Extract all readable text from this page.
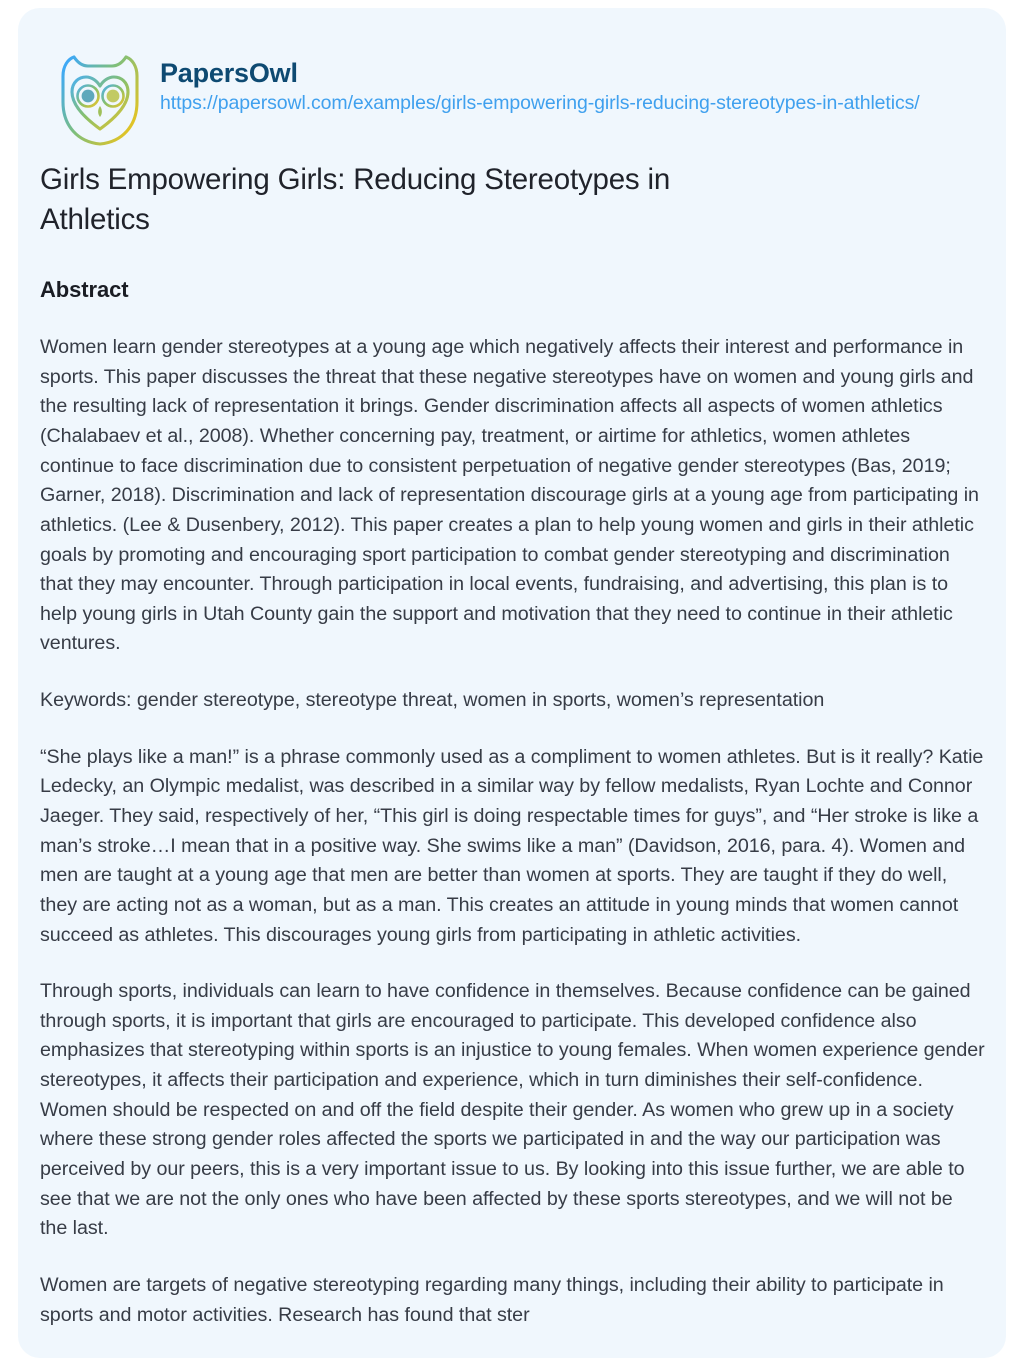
PapersOwl
https://papersowl.com/examples/girls-empowering-girls-reducing-stereotypes-in-athletics/
Girls Empowering Girls: Reducing Stereotypes in Athletics
Abstract

Women learn gender stereotypes at a young age which negatively affects their interest and performance in sports. This paper discusses the threat that these negative stereotypes have on women and young girls and the resulting lack of representation it brings. Gender discrimination affects all aspects of women athletics (Chalabaev et al., 2008). Whether concerning pay, treatment, or airtime for athletics, women athletes continue to face discrimination due to consistent perpetuation of negative gender stereotypes (Bas, 2019; Garner, 2018). Discrimination and lack of representation discourage girls at a young age from participating in athletics. (Lee & Dusenbery, 2012). This paper creates a plan to help young women and girls in their athletic goals by promoting and encouraging sport participation to combat gender stereotyping and discrimination that they may encounter. Through participation in local events, fundraising, and advertising, this plan is to help young girls in Utah County gain the support and motivation that they need to continue in their athletic ventures.

Keywords: gender stereotype, stereotype threat, women in sports, women’s representation

“She plays like a man!” is a phrase commonly used as a compliment to women athletes. But is it really? Katie Ledecky, an Olympic medalist, was described in a similar way by fellow medalists, Ryan Lochte and Connor Jaeger. They said, respectively of her, “This girl is doing respectable times for guys”, and “Her stroke is like a man’s stroke…I mean that in a positive way. She swims like a man” (Davidson, 2016, para. 4). Women and men are taught at a young age that men are better than women at sports. They are taught if they do well, they are acting not as a woman, but as a man. This creates an attitude in young minds that women cannot succeed as athletes. This discourages young girls from participating in athletic activities.

Through sports, individuals can learn to have confidence in themselves. Because confidence can be gained through sports, it is important that girls are encouraged to participate. This developed confidence also emphasizes that stereotyping within sports is an injustice to young females. When women experience gender stereotypes, it affects their participation and experience, which in turn diminishes their self-confidence. Women should be respected on and off the field despite their gender. As women who grew up in a society where these strong gender roles affected the sports we participated in and the way our participation was perceived by our peers, this is a very important issue to us. By looking into this issue further, we are able to see that we are not the only ones who have been affected by these sports stereotypes, and we will not be the last.

Women are targets of negative stereotyping regarding many things, including their ability to participate in sports and motor activities. Research has found that ster
